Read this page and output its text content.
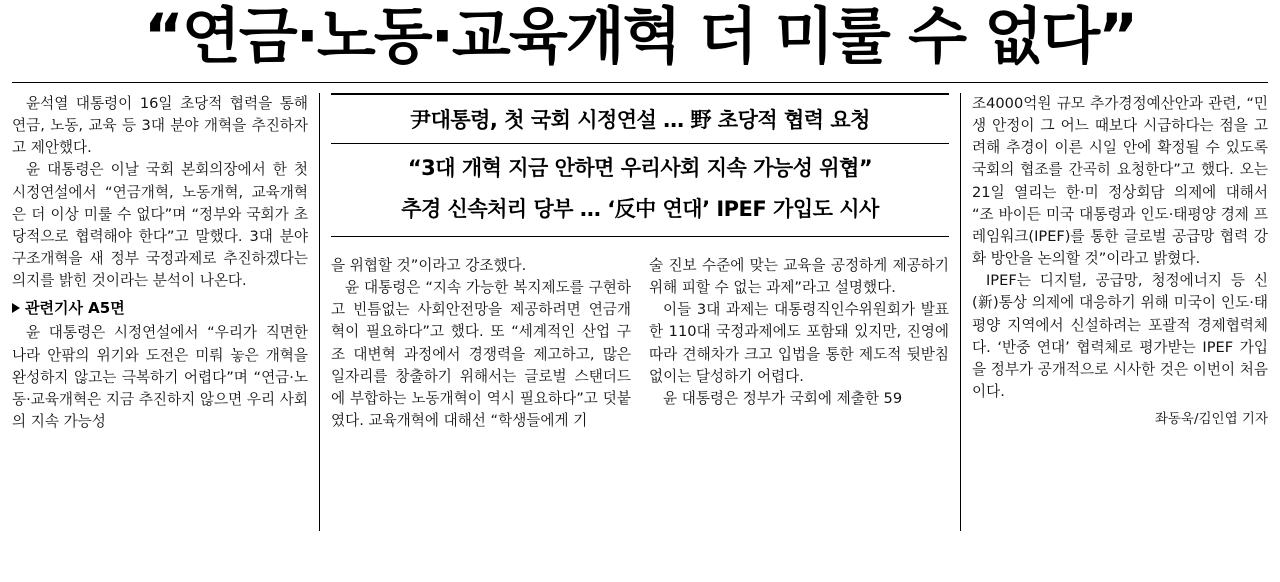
“연금·노동·교육개혁 더 미룰 수 없다”

윤석열 대통령이 16일 초당적 협력을 통해 연금, 노동, 교육 등 3대 분야 개혁을 추진하자고 제안했다.

윤 대통령은 이날 국회 본회의장에서 한 첫 시정연설에서 “연금개혁, 노동개혁, 교육개혁은 더 이상 미룰 수 없다”며 “정부와 국회가 초당적으로 협력해야 한다”고 말했다. 3대 분야 구조개혁을 새 정부 국정과제로 추진하겠다는 의지를 밝힌 것이라는 분석이 나온다.

관련기사 A5면

윤 대통령은 시정연설에서 “우리가 직면한 나라 안팎의 위기와 도전은 미뤄 놓은 개혁을 완성하지 않고는 극복하기 어렵다”며 “연금·노동·교육개혁은 지금 추진하지 않으면 우리 사회의 지속 가능성

尹대통령, 첫 국회 시정연설 … 野 초당적 협력 요청
“3대 개혁 지금 안하면 우리사회 지속 가능성 위협”
추경 신속처리 당부 … ‘反中 연대’ IPEF 가입도 시사

을 위협할 것”이라고 강조했다.

윤 대통령은 “지속 가능한 복지제도를 구현하고 빈틈없는 사회안전망을 제공하려면 연금개혁이 필요하다”고 했다. 또 “세계적인 산업 구조 대변혁 과정에서 경쟁력을 제고하고, 많은 일자리를 창출하기 위해서는 글로벌 스탠더드에 부합하는 노동개혁이 역시 필요하다”고 덧붙였다. 교육개혁에 대해선 “학생들에게 기

술 진보 수준에 맞는 교육을 공정하게 제공하기 위해 피할 수 없는 과제”라고 설명했다.

이들 3대 과제는 대통령직인수위원회가 발표한 110대 국정과제에도 포함돼 있지만, 진영에 따라 견해차가 크고 입법을 통한 제도적 뒷받침 없이는 달성하기 어렵다.

윤 대통령은 정부가 국회에 제출한 59

조4000억원 규모 추가경정예산안과 관련, “민생 안정이 그 어느 때보다 시급하다는 점을 고려해 추경이 이른 시일 안에 확정될 수 있도록 국회의 협조를 간곡히 요청한다”고 했다. 오는 21일 열리는 한·미 정상회담 의제에 대해서 “조 바이든 미국 대통령과 인도·태평양 경제 프레임워크(IPEF)를 통한 글로벌 공급망 협력 강화 방안을 논의할 것”이라고 밝혔다.

IPEF는 디지털, 공급망, 청정에너지 등 신(新)통상 의제에 대응하기 위해 미국이 인도·태평양 지역에서 신설하려는 포괄적 경제협력체다. ‘반중 연대’ 협력체로 평가받는 IPEF 가입을 정부가 공개적으로 시사한 것은 이번이 처음이다.

좌동욱/김인엽 기자
